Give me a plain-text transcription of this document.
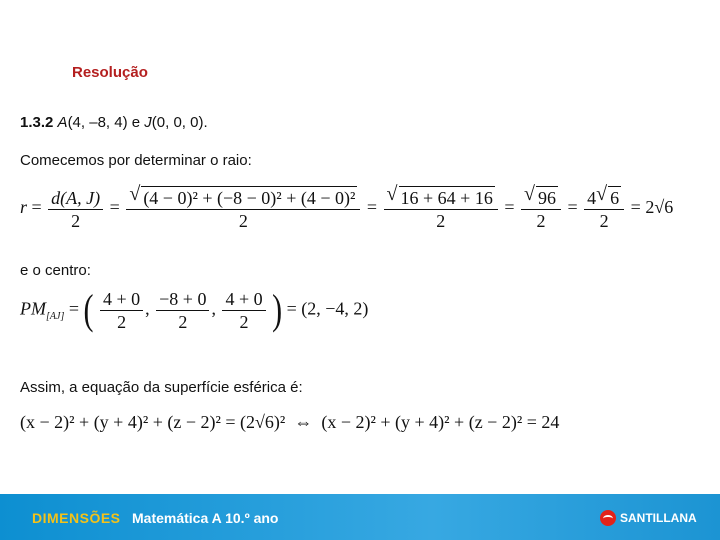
Resolução
1.3.2 A(4, –8, 4) e J(0, 0, 0).
Comecemos por determinar o raio:
$r = \frac{d(A, J)}{2}$ = √ $\frac{\text{(4 − 0)² + (−8 − 0)² + (4 − 0)²}}{2}$ = √ $\frac{16 + 64 + 16}{2}$ = √ $\frac{96}{2} = \frac{4 √ 6}{2} = 2√6$
e o centro:
$PM_{[AJ]}$ = ( $\frac{4 + 0}{2}$ , $\frac{-8 + 0}{2}$ , $\frac{4 + 0}{2}$ ) = (2, −4, 2)
Assim, a equação da superfície esférica é:
(x − 2)² + (y + 4)² + (z − 2)² = (2√6)²  ⇔  (x − 2)² + (y + 4)² + (z − 2)² = 24
DIMENSÕES Matemática A 10.º ano	SANTILLANA
